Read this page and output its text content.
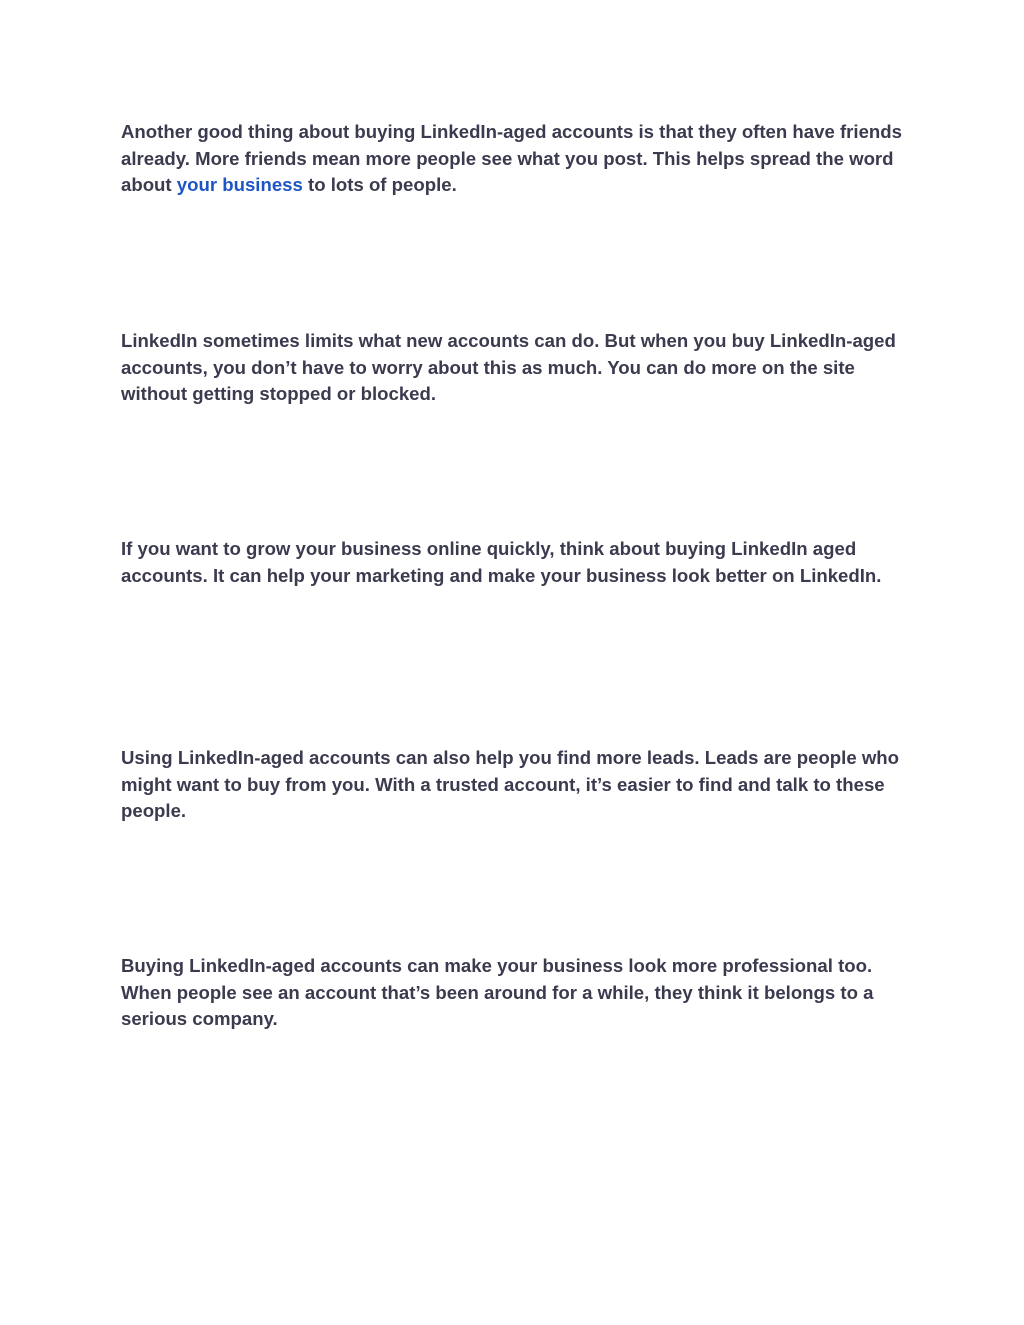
Another good thing about buying LinkedIn-aged accounts is that they often have friends already. More friends mean more people see what you post. This helps spread the word about your business to lots of people.

LinkedIn sometimes limits what new accounts can do. But when you buy LinkedIn-aged accounts, you don’t have to worry about this as much. You can do more on the site without getting stopped or blocked.

If you want to grow your business online quickly, think about buying LinkedIn aged accounts. It can help your marketing and make your business look better on LinkedIn.

Using LinkedIn-aged accounts can also help you find more leads. Leads are people who might want to buy from you. With a trusted account, it’s easier to find and talk to these people.

Buying LinkedIn-aged accounts can make your business look more professional too. When people see an account that’s been around for a while, they think it belongs to a serious company.
